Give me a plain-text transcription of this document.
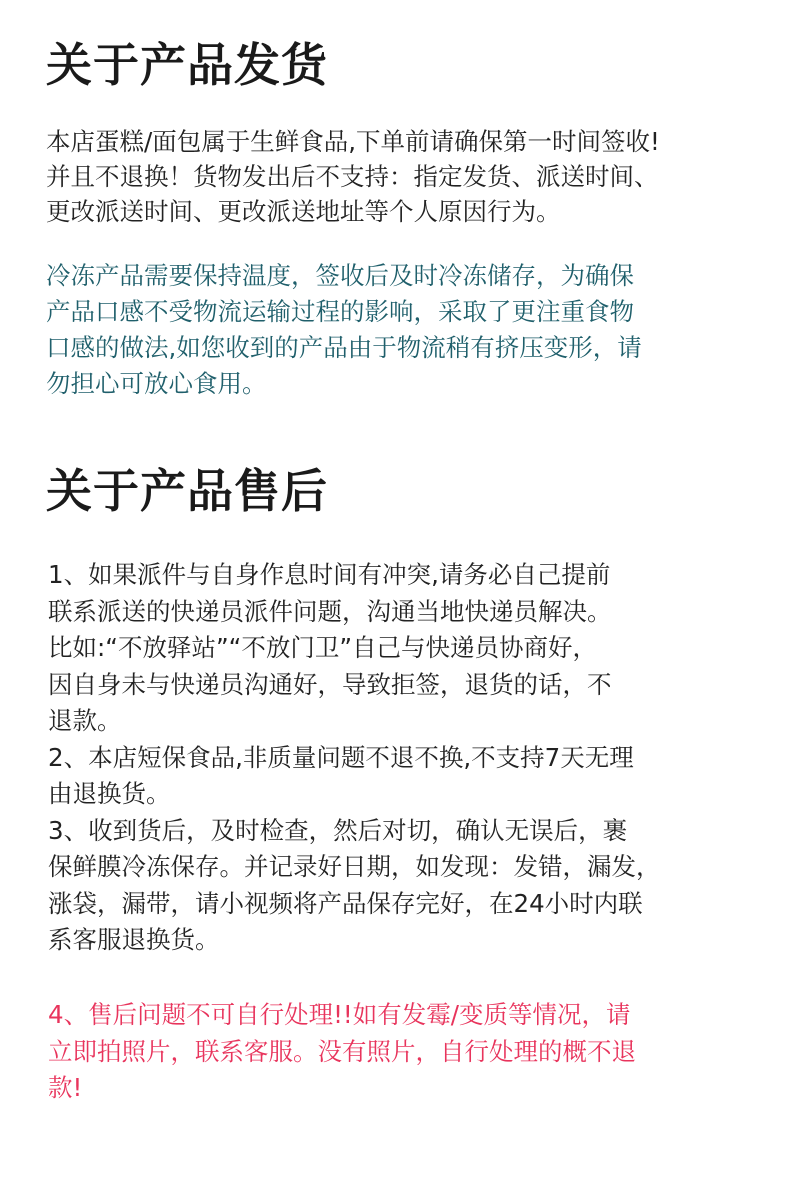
关于产品发货
本店蛋糕/面包属于生鲜食品,下单前请确保第一时间签收!
并且不退换！货物发出后不支持：指定发货、派送时间、
更改派送时间、更改派送地址等个人原因行为。
冷冻产品需要保持温度，签收后及时冷冻储存，为确保
产品口感不受物流运输过程的影响，采取了更注重食物
口感的做法,如您收到的产品由于物流稍有挤压变形，请
勿担心可放心食用。
关于产品售后
1、如果派件与自身作息时间有冲突,请务必自己提前
联系派送的快递员派件问题，沟通当地快递员解决。
比如:“不放驿站”“不放门卫”自己与快递员协商好，
因自身未与快递员沟通好，导致拒签，退货的话，不
退款。
2、本店短保食品,非质量问题不退不换,不支持7天无理
由退换货。
3、收到货后，及时检查，然后对切，确认无误后，裹
保鲜膜冷冻保存。并记录好日期，如发现：发错，漏发，
涨袋，漏带，请小视频将产品保存完好，在24小时内联
系客服退换货。
4、售后问题不可自行处理!!如有发霉/变质等情况，请
立即拍照片，联系客服。没有照片，自行处理的概不退
款!
